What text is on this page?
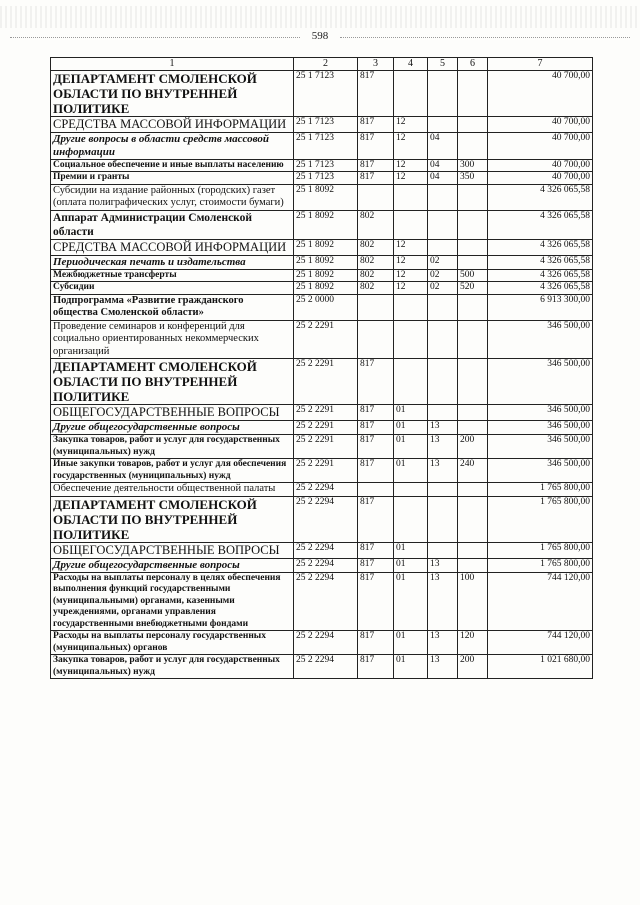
598
1	2	3	4	5	6	7
ДЕПАРТАМЕНТ СМОЛЕНСКОЙ ОБЛАСТИ ПО ВНУТРЕННЕЙ ПОЛИТИКЕ	25 1 7123	817				40 700,00
СРЕДСТВА МАССОВОЙ ИНФОРМАЦИИ	25 1 7123	817	12			40 700,00
Другие вопросы в области средств массовой информации	25 1 7123	817	12	04		40 700,00
Социальное обеспечение и иные выплаты населению	25 1 7123	817	12	04	300	40 700,00
Премии и гранты	25 1 7123	817	12	04	350	40 700,00
Субсидии на издание районных (городских) газет (оплата полиграфических услуг, стоимости бумаги)	25 1 8092					4 326 065,58
Аппарат Администрации Смоленской области	25 1 8092	802				4 326 065,58
СРЕДСТВА МАССОВОЙ ИНФОРМАЦИИ	25 1 8092	802	12			4 326 065,58
Периодическая печать и издательства	25 1 8092	802	12	02		4 326 065,58
Межбюджетные трансферты	25 1 8092	802	12	02	500	4 326 065,58
Субсидии	25 1 8092	802	12	02	520	4 326 065,58
Подпрограмма «Развитие гражданского общества Смоленской области»	25 2 0000					6 913 300,00
Проведение семинаров и конференций для социально ориентированных некоммерческих организаций	25 2 2291					346 500,00
ДЕПАРТАМЕНТ СМОЛЕНСКОЙ ОБЛАСТИ ПО ВНУТРЕННЕЙ ПОЛИТИКЕ	25 2 2291	817				346 500,00
ОБЩЕГОСУДАРСТВЕННЫЕ ВОПРОСЫ	25 2 2291	817	01			346 500,00
Другие общегосударственные вопросы	25 2 2291	817	01	13		346 500,00
Закупка товаров, работ и услуг для государственных (муниципальных) нужд	25 2 2291	817	01	13	200	346 500,00
Иные закупки товаров, работ и услуг для обеспечения государственных (муниципальных) нужд	25 2 2291	817	01	13	240	346 500,00
Обеспечение деятельности общественной палаты	25 2 2294					1 765 800,00
ДЕПАРТАМЕНТ СМОЛЕНСКОЙ ОБЛАСТИ ПО ВНУТРЕННЕЙ ПОЛИТИКЕ	25 2 2294	817				1 765 800,00
ОБЩЕГОСУДАРСТВЕННЫЕ ВОПРОСЫ	25 2 2294	817	01			1 765 800,00
Другие общегосударственные вопросы	25 2 2294	817	01	13		1 765 800,00
Расходы на выплаты персоналу в целях обеспечения выполнения функций государственными (муниципальными) органами, казенными учреждениями, органами управления государственными внебюджетными фондами	25 2 2294	817	01	13	100	744 120,00
Расходы на выплаты персоналу государственных (муниципальных) органов	25 2 2294	817	01	13	120	744 120,00
Закупка товаров, работ и услуг для государственных (муниципальных) нужд	25 2 2294	817	01	13	200	1 021 680,00
